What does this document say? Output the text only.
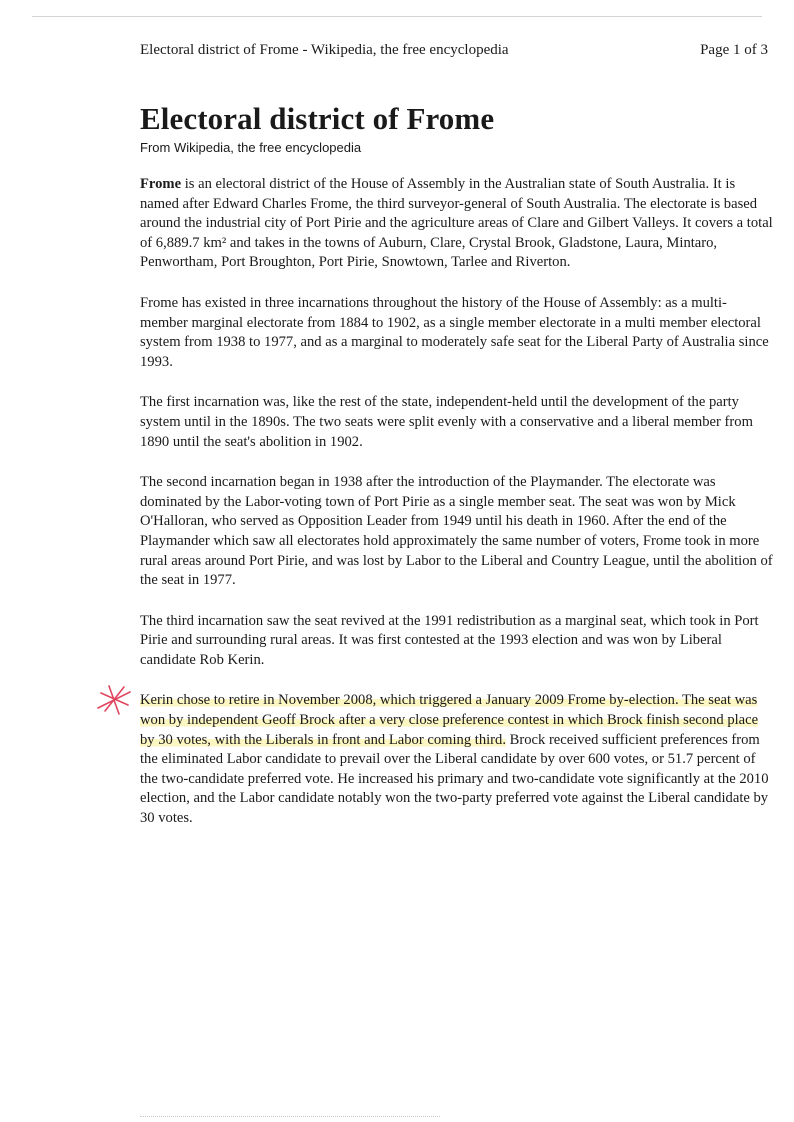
Electoral district of Frome - Wikipedia, the free encyclopedia	Page 1 of 3
Electoral district of Frome
From Wikipedia, the free encyclopedia

Frome is an electoral district of the House of Assembly in the Australian state of South Australia. It is named after Edward Charles Frome, the third surveyor-general of South Australia. The electorate is based around the industrial city of Port Pirie and the agriculture areas of Clare and Gilbert Valleys. It covers a total of 6,889.7 km² and takes in the towns of Auburn, Clare, Crystal Brook, Gladstone, Laura, Mintaro, Penwortham, Port Broughton, Port Pirie, Snowtown, Tarlee and Riverton.

Frome has existed in three incarnations throughout the history of the House of Assembly: as a multi-member marginal electorate from 1884 to 1902, as a single member electorate in a multi member electoral system from 1938 to 1977, and as a marginal to moderately safe seat for the Liberal Party of Australia since 1993.

The first incarnation was, like the rest of the state, independent-held until the development of the party system until in the 1890s. The two seats were split evenly with a conservative and a liberal member from 1890 until the seat's abolition in 1902.

The second incarnation began in 1938 after the introduction of the Playmander. The electorate was dominated by the Labor-voting town of Port Pirie as a single member seat. The seat was won by Mick O'Halloran, who served as Opposition Leader from 1949 until his death in 1960. After the end of the Playmander which saw all electorates hold approximately the same number of voters, Frome took in more rural areas around Port Pirie, and was lost by Labor to the Liberal and Country League, until the abolition of the seat in 1977.

The third incarnation saw the seat revived at the 1991 redistribution as a marginal seat, which took in Port Pirie and surrounding rural areas. It was first contested at the 1993 election and was won by Liberal candidate Rob Kerin.

Kerin chose to retire in November 2008, which triggered a January 2009 Frome by-election. The seat was won by independent Geoff Brock after a very close preference contest in which Brock finish second place by 30 votes, with the Liberals in front and Labor coming third. Brock received sufficient preferences from the eliminated Labor candidate to prevail over the Liberal candidate by over 600 votes, or 51.7 percent of the two-candidate preferred vote. He increased his primary and two-candidate vote significantly at the 2010 election, and the Labor candidate notably won the two-party preferred vote against the Liberal candidate by 30 votes.
